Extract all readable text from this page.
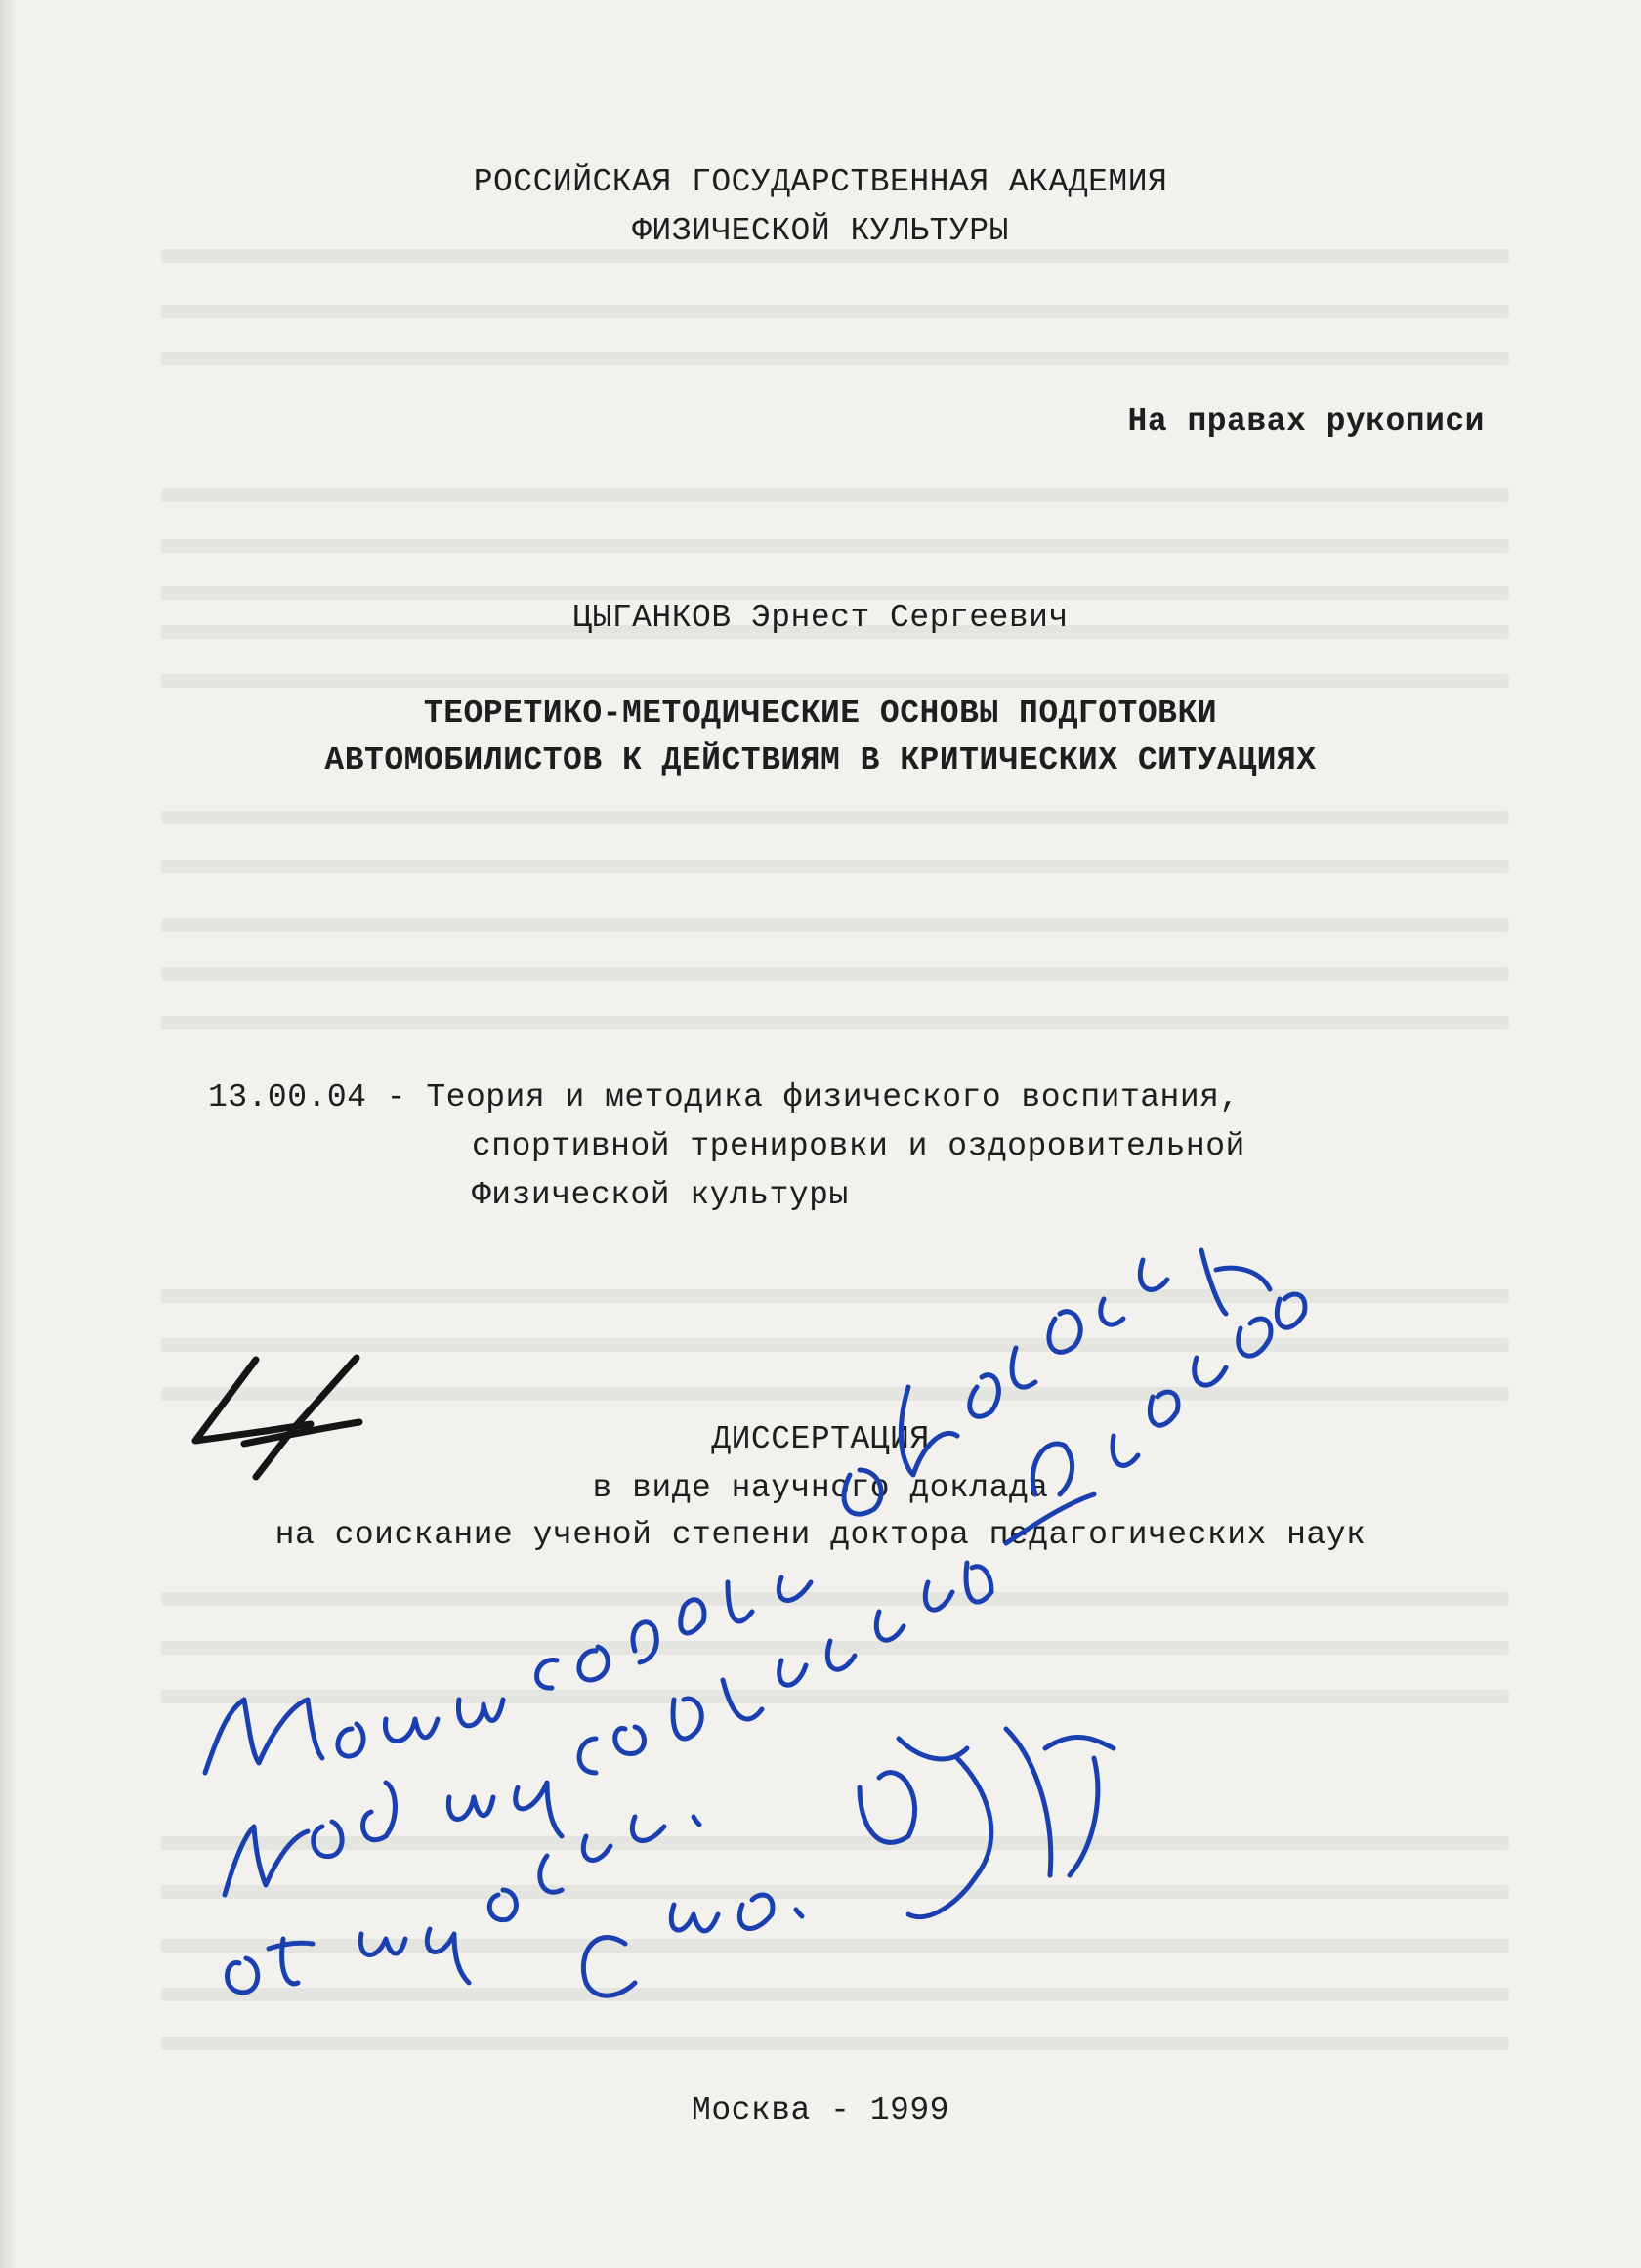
РОССИЙСКАЯ ГОСУДАРСТВЕННАЯ АКАДЕМИЯ

ФИЗИЧЕСКОЙ КУЛЬТУРЫ

На правах рукописи

ЦЫГАНКОВ Эрнест Сергеевич

ТЕОРЕТИКО-МЕТОДИЧЕСКИЕ ОСНОВЫ ПОДГОТОВКИ

АВТОМОБИЛИСТОВ К ДЕЙСТВИЯМ В КРИТИЧЕСКИХ СИТУАЦИЯХ

13.00.04 - Теория и методика физического воспитания,

спортивной тренировки и оздоровительной

Физической культуры

ДИССЕРТАЦИЯ

в виде научного доклада

на соискание ученой степени доктора педагогических наук

Москва - 1999
